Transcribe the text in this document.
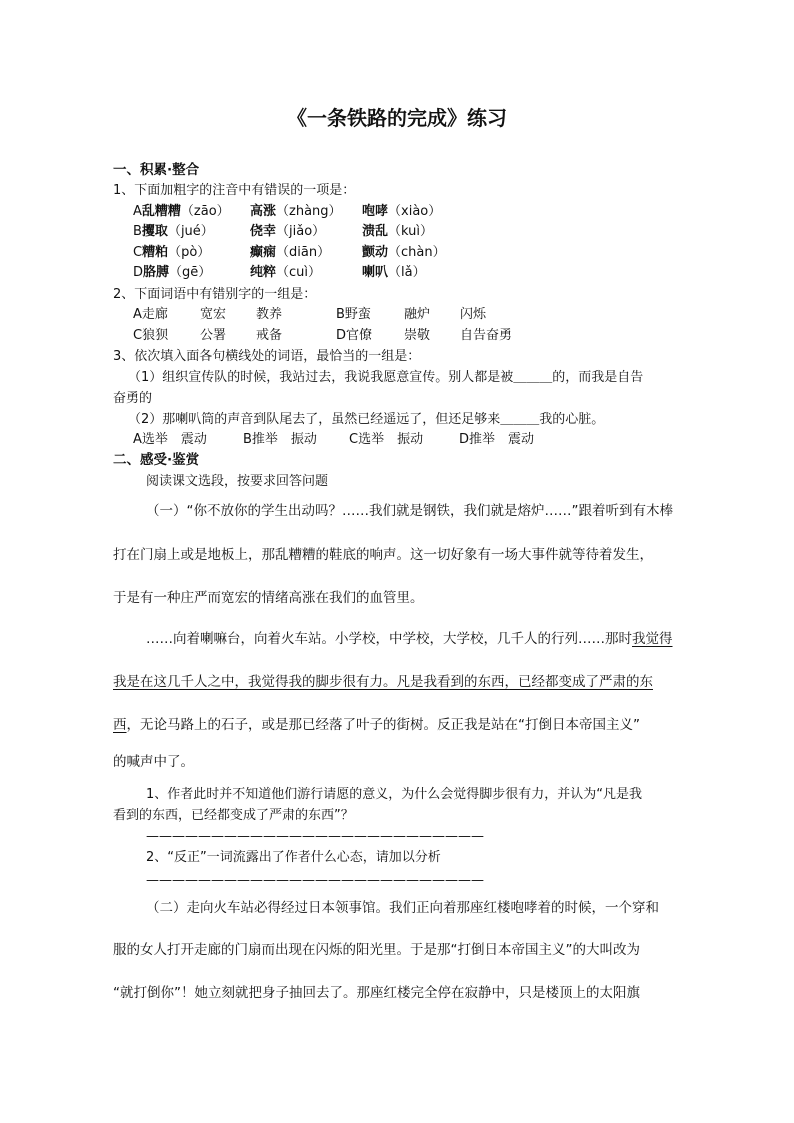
《一条铁路的完成》练习
一、积累·整合
1、下面加粗字的注音中有错误的一项是：
A乱糟糟（zāo） 高涨（zhàng） 咆哮（xiào）
B攫取（jué）	侥幸（jiǎo）	溃乱（kuì）
C糟粕（pò）	癫痫（diān） 颤动（chàn）
D胳膊（gē）	纯粹（cuì）	喇叭（lǎ）
2、下面词语中有错别字的一组是：
A走廊 宽宏 教养	B野蛮	融炉 闪烁
C狼狈 公署 戒备	D官僚 崇敬 自告奋勇
3、依次填入面各句横线处的词语，最恰当的一组是：
（1）组织宣传队的时候，我站过去，我说我愿意宣传。别人都是被＿＿＿的，而我是自告
奋勇的
（2）那喇叭筒的声音到队尾去了，虽然已经遥远了，但还足够来＿＿＿我的心脏。
A选举　震动	B推举　振动 C选举　振动	D推举　震动
二、感受·鉴赏
阅读课文选段，按要求回答问题
（一）“你不放你的学生出动吗？……我们就是钢铁，我们就是熔炉……”跟着听到有木棒
打在门扇上或是地板上，那乱糟糟的鞋底的响声。这一切好象有一场大事件就等待着发生，
于是有一种庄严而宽宏的情绪高涨在我们的血管里。
……向着喇嘛台，向着火车站。小学校，中学校，大学校，几千人的行列……那时我觉得
我是在这几千人之中，我觉得我的脚步很有力。凡是我看到的东西，已经都变成了严肃的东
西，无论马路上的石子，或是那已经落了叶子的街树。反正我是站在“打倒日本帝国主义”
的喊声中了。
1、作者此时并不知道他们游行请愿的意义，为什么会觉得脚步很有力，并认为“凡是我
看到的东西，已经都变成了严肃的东西”？
——————————————————————————
2、“反正”一词流露出了作者什么心态，请加以分析
——————————————————————————
（二）走向火车站必得经过日本领事馆。我们正向着那座红楼咆哮着的时候，一个穿和
服的女人打开走廊的门扇而出现在闪烁的阳光里。于是那“打倒日本帝国主义”的大叫改为
“就打倒你”！她立刻就把身子抽回去了。那座红楼完全停在寂静中，只是楼顶上的太阳旗
